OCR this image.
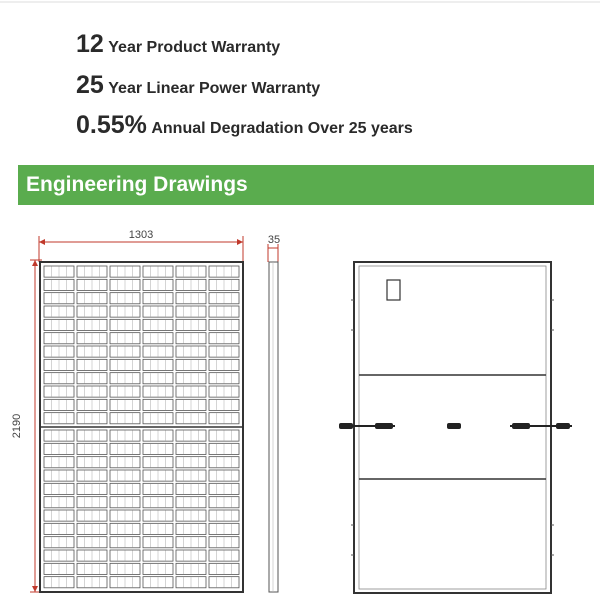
12 Year Product Warranty
25 Year Linear Power Warranty
0.55% Annual Degradation Over 25 years
Engineering Drawings
1303
2190
35
